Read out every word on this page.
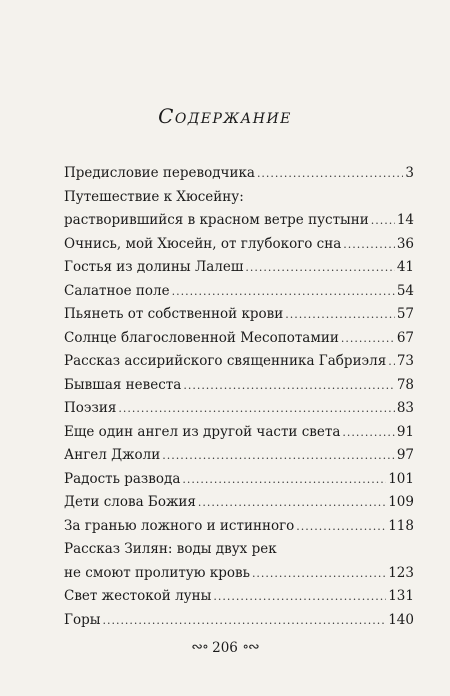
Содержание
Предисловие переводчика .....	3
Путешествие к Хюсейну:
растворившийся в красном ветре пустыни ..... 14
Очнись, мой Хюсейн, от глубокого сна .....	36
Гостья из долины Лалеш .....	41
Салатное поле .....	54
Пьянеть от собственной крови .....	57
Солнце благословенной Месопотамии .....	67
Рассказ ассирийского священника Габриэля ..... 73
Бывшая невеста .....	78
Поэзия .....	83
Еще один ангел из другой части света .....	91
Ангел Джоли .....	97
Радость развода .....	101
Дети слова Божия .....	109
За гранью ложного и истинного .....	118
Рассказ Зилян: воды двух рек
не смоют пролитую кровь .....	123
Свет жестокой луны .....	131
Горы .....	140
∾∘ 206 ∘∾
